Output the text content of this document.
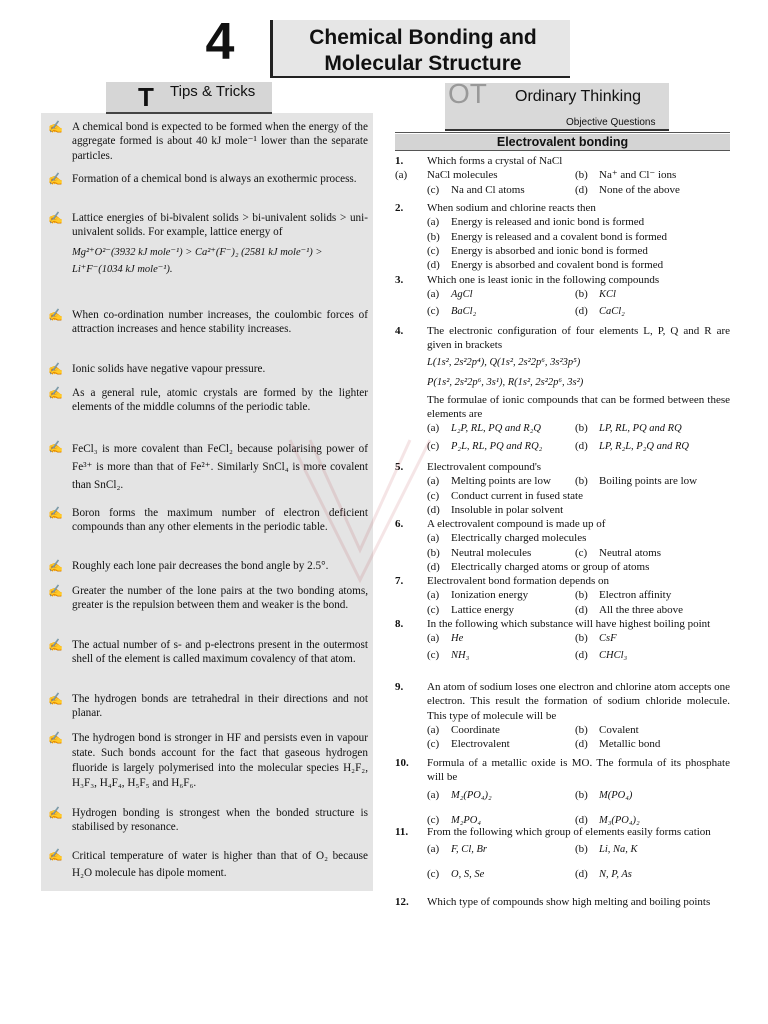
4	Chemical Bonding and
Molecular Structure
T Tips & Tricks
✍ A chemical bond is expected to be formed when the energy of the aggregate formed is about 40 kJ mole⁻¹ lower than the separate particles.
✍ Formation of a chemical bond is always an exothermic process.
✍ Lattice energies of bi-bivalent solids > bi-univalent solids > uni-univalent solids. For example, lattice energy of
Mg²⁺O²⁻(3932 kJ mole⁻¹) > Ca²⁺(F⁻)₂ (2581 kJ mole⁻¹) >
Li⁺F⁻(1034 kJ mole⁻¹).
✍ When co-ordination number increases, the coulombic forces of attraction increases and hence stability increases.
✍ Ionic solids have negative vapour pressure.
✍ As a general rule, atomic crystals are formed by the lighter elements of the middle columns of the periodic table.
✍ FeCl₃ is more covalent than FeCl₂ because polarising power of Fe³⁺ is more than that of Fe²⁺. Similarly SnCl₄ is more covalent than SnCl₂.
✍ Boron forms the maximum number of electron deficient compounds than any other elements in the periodic table.
✍ Roughly each lone pair decreases the bond angle by 2.5°.
✍ Greater the number of the lone pairs at the two bonding atoms, greater is the repulsion between them and weaker is the bond.
✍ The actual number of s- and p-electrons present in the outermost shell of the element is called maximum covalency of that atom.
✍ The hydrogen bonds are tetrahedral in their directions and not planar.
✍ The hydrogen bond is stronger in HF and persists even in vapour state. Such bonds account for the fact that gaseous hydrogen fluoride is largely polymerised into the molecular species H₂F₂, H₃F₃, H₄F₄, H₅F₅ and H₆F₆.
✍ Hydrogen bonding is strongest when the bonded structure is stabilised by resonance.
✍ Critical temperature of water is higher than that of O₂ because H₂O molecule has dipole moment.
OT Ordinary Thinking
Objective Questions
Electrovalent bonding
1. Which forms a crystal of NaCl
(a) NaCl molecules	(b) Na⁺ and Cl⁻ ions
(c) Na and Cl atoms	(d) None of the above
2. When sodium and chlorine reacts then
(a) Energy is released and ionic bond is formed
(b) Energy is released and a covalent bond is formed
(c) Energy is absorbed and ionic bond is formed
(d) Energy is absorbed and covalent bond is formed
3. Which one is least ionic in the following compounds
(a) AgCl	(b) KCl
(c) BaCl₂	(d) CaCl₂
4. The electronic configuration of four elements L, P, Q and R are given in brackets
L(1s², 2s²2p⁴), Q(1s², 2s²2p⁶, 3s²3p⁵)
P(1s², 2s²2p⁶, 3s¹), R(1s², 2s²2p⁶, 3s²)
The formulae of ionic compounds that can be formed between these elements are
(a) L₂P, RL, PQ and R₂Q	(b) LP, RL, PQ and RQ
(c) P₂L, RL, PQ and RQ₂	(d) LP, R₂L, P₂Q and RQ
5. Electrovalent compound's
(a) Melting points are low (b) Boiling points are low
(c) Conduct current in fused state
(d) Insoluble in polar solvent
6. A electrovalent compound is made up of
(a) Electrically charged molecules
(b) Neutral molecules	(c) Neutral atoms
(d) Electrically charged atoms or group of atoms
7. Electrovalent bond formation depends on
(a) Ionization energy	(b) Electron affinity
(c) Lattice energy	(d) All the three above
8. In the following which substance will have highest boiling point
(a) He	(b) CsF
(c) NH₃	(d) CHCl₃
9. An atom of sodium loses one electron and chlorine atom accepts one electron. This result the formation of sodium chloride molecule. This type of molecule will be
(a) Coordinate	(b) Covalent
(c) Electrovalent	(d) Metallic bond
10. Formula of a metallic oxide is MO. The formula of its phosphate will be
(a) M₂(PO₄)₂	(b) M(PO₄)
(c) M₂PO₄	(d) M₃(PO₄)₂
11. From the following which group of elements easily forms cation
(a) F, Cl, Br	(b) Li, Na, K
(c) O, S, Se	(d) N, P, As
12. Which type of compounds show high melting and boiling points
